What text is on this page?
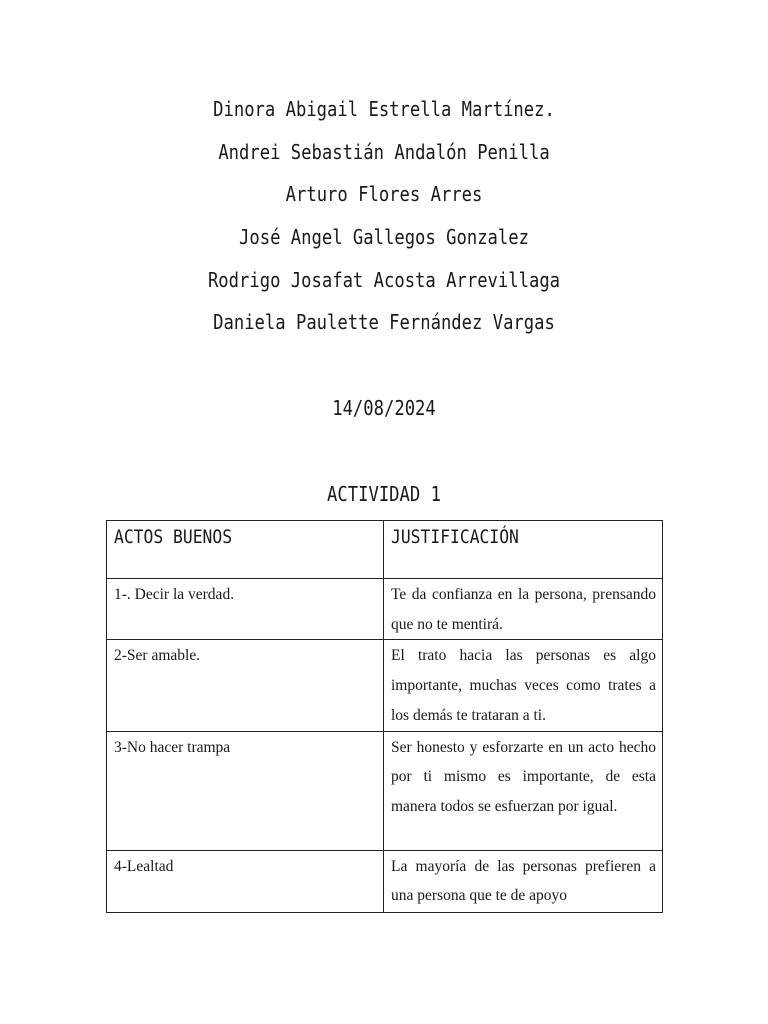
Dinora Abigail Estrella Martínez.
Andrei Sebastián Andalón Penilla
Arturo Flores Arres
José Angel Gallegos Gonzalez
Rodrigo Josafat Acosta Arrevillaga
Daniela Paulette Fernández Vargas
14/08/2024
ACTIVIDAD 1
ACTOS BUENOS	JUSTIFICACIÓN
1-. Decir la verdad.	Te da confianza en la persona, prensando que no te mentirá.
2-Ser amable.	El trato hacia las personas es algo importante, muchas veces como trates a los demás te trataran a ti.
3-No hacer trampa	Ser honesto y esforzarte en un acto hecho por ti mismo es importante, de esta manera todos se esfuerzan por igual.
4-Lealtad	La mayoría de las personas prefieren a una persona que te de apoyo
